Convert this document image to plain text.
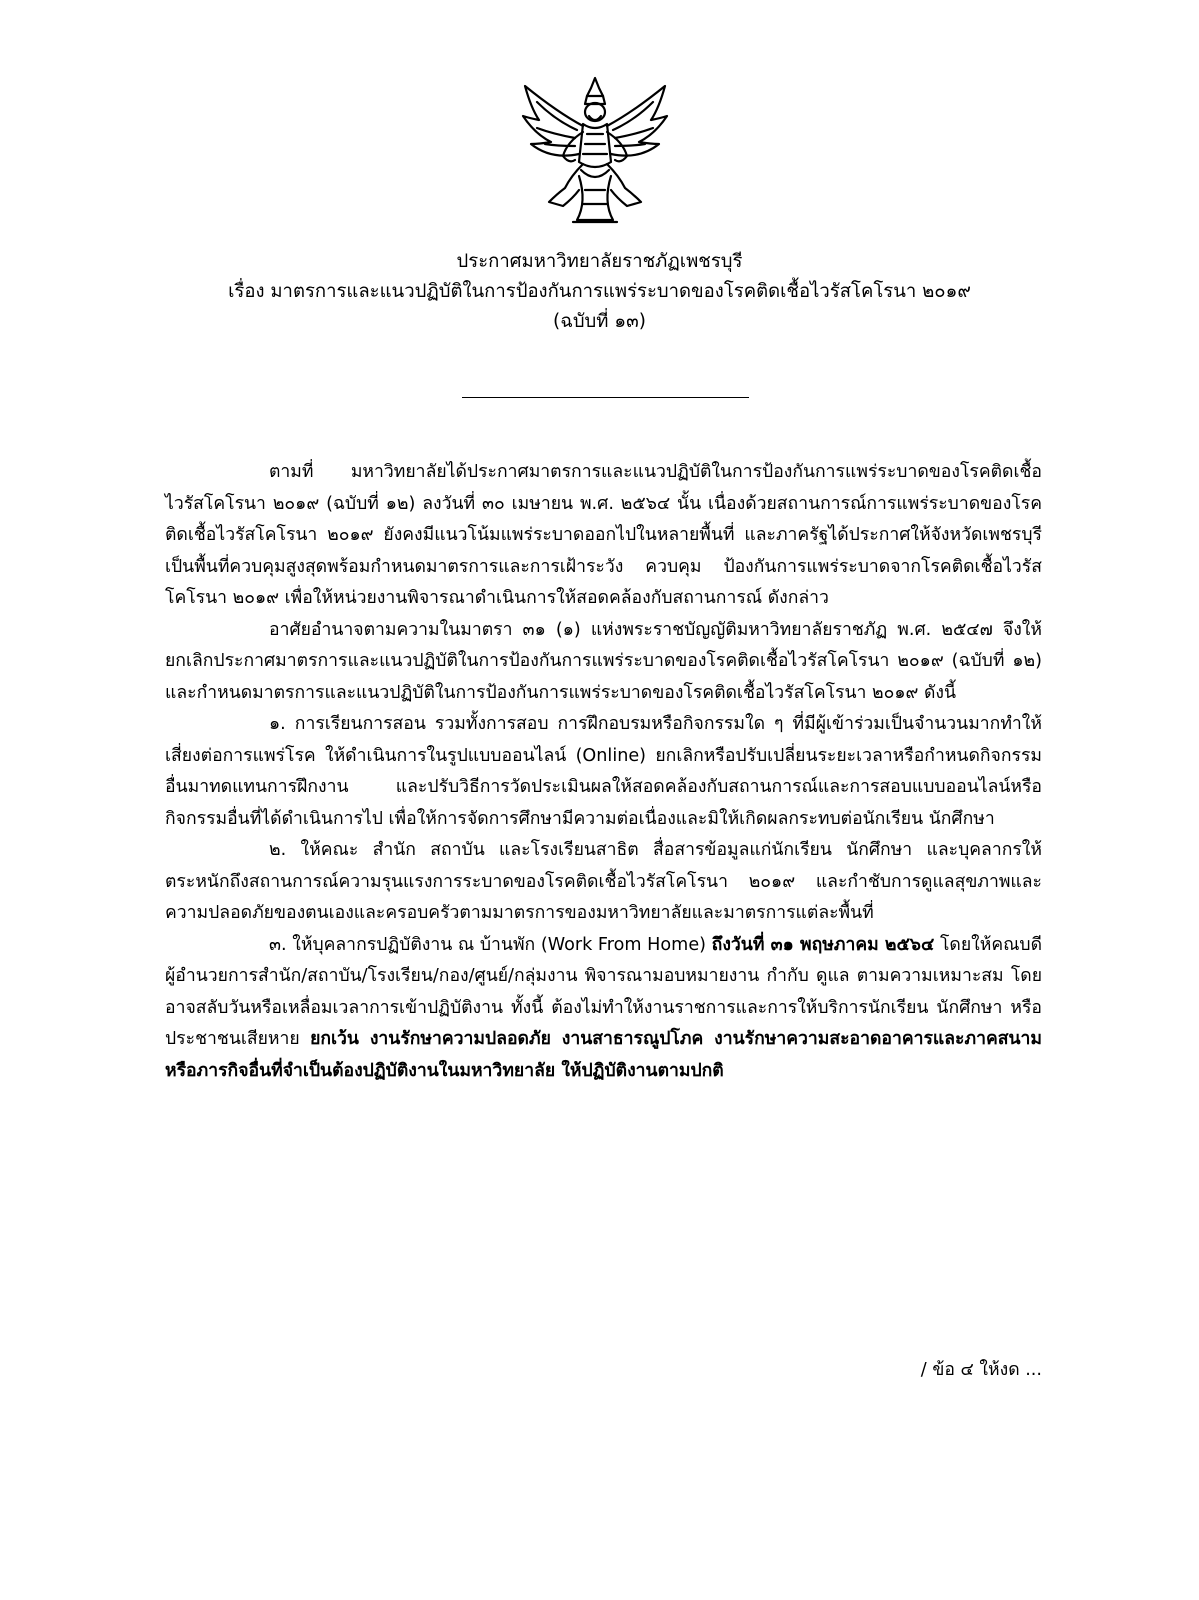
ประกาศมหาวิทยาลัยราชภัฏเพชรบุรี
เรื่อง มาตรการและแนวปฏิบัติในการป้องกันการแพร่ระบาดของโรคติดเชื้อไวรัสโคโรนา ๒๐๑๙
(ฉบับที่ ๑๓)

ตามที่ มหาวิทยาลัยได้ประกาศมาตรการและแนวปฏิบัติในการป้องกันการแพร่ระบาดของโรคติดเชื้อไวรัสโคโรนา ๒๐๑๙ (ฉบับที่ ๑๒) ลงวันที่ ๓๐ เมษายน พ.ศ. ๒๕๖๔ นั้น เนื่องด้วยสถานการณ์การแพร่ระบาดของโรคติดเชื้อไวรัสโคโรนา ๒๐๑๙ ยังคงมีแนวโน้มแพร่ระบาดออกไปในหลายพื้นที่ และภาครัฐได้ประกาศให้จังหวัดเพชรบุรีเป็นพื้นที่ควบคุมสูงสุดพร้อมกำหนดมาตรการและการเฝ้าระวัง ควบคุม ป้องกันการแพร่ระบาดจากโรคติดเชื้อไวรัสโคโรนา ๒๐๑๙ เพื่อให้หน่วยงานพิจารณาดำเนินการให้สอดคล้องกับสถานการณ์ ดังกล่าว

อาศัยอำนาจตามความในมาตรา ๓๑ (๑) แห่งพระราชบัญญัติมหาวิทยาลัยราชภัฏ พ.ศ. ๒๕๔๗ จึงให้ยกเลิกประกาศมาตรการและแนวปฏิบัติในการป้องกันการแพร่ระบาดของโรคติดเชื้อไวรัสโคโรนา ๒๐๑๙ (ฉบับที่ ๑๒) และกำหนดมาตรการและแนวปฏิบัติในการป้องกันการแพร่ระบาดของโรคติดเชื้อไวรัสโคโรนา ๒๐๑๙ ดังนี้

๑. การเรียนการสอน รวมทั้งการสอบ การฝึกอบรมหรือกิจกรรมใด ๆ ที่มีผู้เข้าร่วมเป็นจำนวนมากทำให้เสี่ยงต่อการแพร่โรค ให้ดำเนินการในรูปแบบออนไลน์ (Online) ยกเลิกหรือปรับเปลี่ยนระยะเวลาหรือกำหนดกิจกรรมอื่นมาทดแทนการฝึกงาน และปรับวิธีการวัดประเมินผลให้สอดคล้องกับสถานการณ์และการสอบแบบออนไลน์หรือกิจกรรมอื่นที่ได้ดำเนินการไป เพื่อให้การจัดการศึกษามีความต่อเนื่องและมิให้เกิดผลกระทบต่อนักเรียน นักศึกษา

๒. ให้คณะ สำนัก สถาบัน และโรงเรียนสาธิต สื่อสารข้อมูลแก่นักเรียน นักศึกษา และบุคลากรให้ตระหนักถึงสถานการณ์ความรุนแรงการระบาดของโรคติดเชื้อไวรัสโคโรนา ๒๐๑๙ และกำชับการดูแลสุขภาพและความปลอดภัยของตนเองและครอบครัวตามมาตรการของมหาวิทยาลัยและมาตรการแต่ละพื้นที่

๓. ให้บุคลากรปฏิบัติงาน ณ บ้านพัก (Work From Home) ถึงวันที่ ๓๑ พฤษภาคม ๒๕๖๔ โดยให้คณบดี ผู้อำนวยการสำนัก/สถาบัน/โรงเรียน/กอง/ศูนย์/กลุ่มงาน พิจารณามอบหมายงาน กำกับ ดูแล ตามความเหมาะสม โดยอาจสลับวันหรือเหลื่อมเวลาการเข้าปฏิบัติงาน ทั้งนี้ ต้องไม่ทำให้งานราชการและการให้บริการนักเรียน นักศึกษา หรือประชาชนเสียหาย ยกเว้น งานรักษาความปลอดภัย งานสาธารณูปโภค งานรักษาความสะอาดอาคารและภาคสนาม หรือภารกิจอื่นที่จำเป็นต้องปฏิบัติงานในมหาวิทยาลัย ให้ปฏิบัติงานตามปกติ

/ ข้อ ๔ ให้งด ...
